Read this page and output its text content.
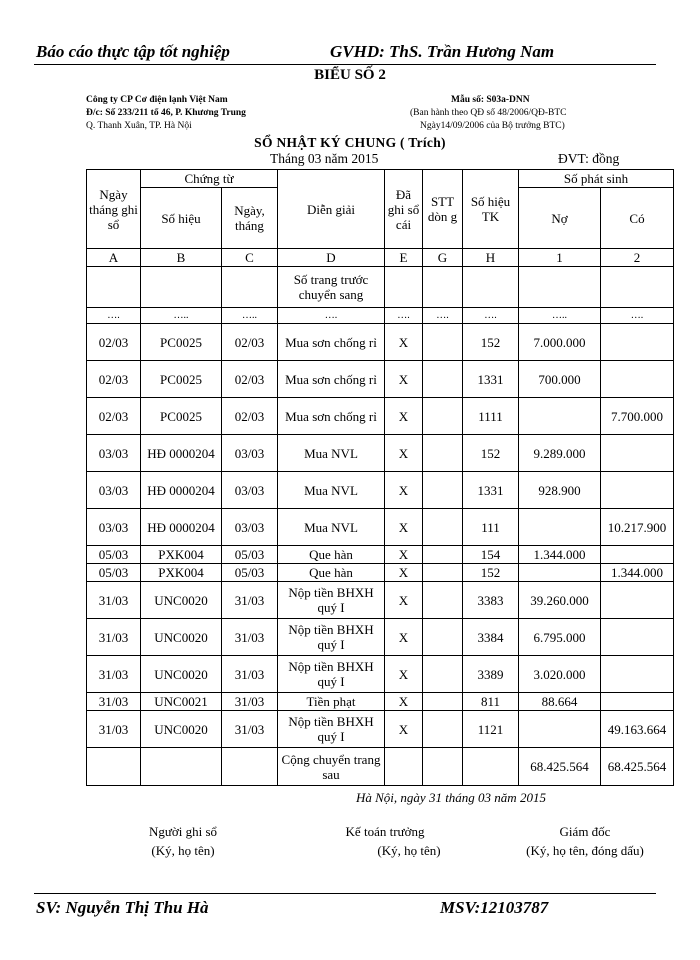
Báo cáo thực tập tốt nghiệp	GVHD: ThS. Trần Hương Nam
BIỂU SỐ 2
Công ty CP Cơ điện lạnh Việt Nam
Đ/c: Số 233/211 tổ 46, P. Khương Trung
Q. Thanh Xuân, TP. Hà Nội
Mẫu số: S03a-DNN
(Ban hành theo QĐ số 48/2006/QĐ-BTC
Ngày14/09/2006 của Bộ trưởng BTC)
SỔ NHẬT KÝ CHUNG ( Trích)
Tháng 03 năm 2015	ĐVT: đồng
Ngày tháng ghi sổ	Chứng từ		Diễn giải	Đã ghi sổ cái	STT dòn g	Số hiệu TK	Số phát sinh	
	Số hiệu	Ngày, tháng					Nợ	Có
A	B	C	D	E	G	H	1	2
			Số trang trước chuyển sang					
….	…..	…..	….	….	….	….	…..	….
02/03	PC0025	02/03	Mua sơn chống rỉ	X		152	7.000.000	
02/03	PC0025	02/03	Mua sơn chống rỉ	X		1331	700.000	
02/03	PC0025	02/03	Mua sơn chống rỉ	X		1111		7.700.000
03/03	HĐ 0000204	03/03	Mua NVL	X		152	9.289.000	
03/03	HĐ 0000204	03/03	Mua NVL	X		1331	928.900	
03/03	HĐ 0000204	03/03	Mua NVL	X		111		10.217.900
05/03	PXK004	05/03	Que hàn	X		154	1.344.000	
05/03	PXK004	05/03	Que hàn	X		152		1.344.000
31/03	UNC0020	31/03	Nộp tiền BHXH quý I	X		3383	39.260.000	
31/03	UNC0020	31/03	Nộp tiền BHXH quý I	X		3384	6.795.000	
31/03	UNC0020	31/03	Nộp tiền BHXH quý I	X		3389	3.020.000	
31/03	UNC0021	31/03	Tiền phạt	X		811	88.664	
31/03	UNC0020	31/03	Nộp tiền BHXH quý I	X		1121		49.163.664
			Cộng chuyển trang sau				68.425.564	68.425.564
Hà Nội, ngày 31 tháng 03 năm 2015
Người ghi sổ
(Ký, họ tên)
Kế toán trưởng
(Ký, họ tên)
Giám đốc
(Ký, họ tên, đóng dấu)
SV: Nguyễn Thị Thu Hà	MSV:12103787
